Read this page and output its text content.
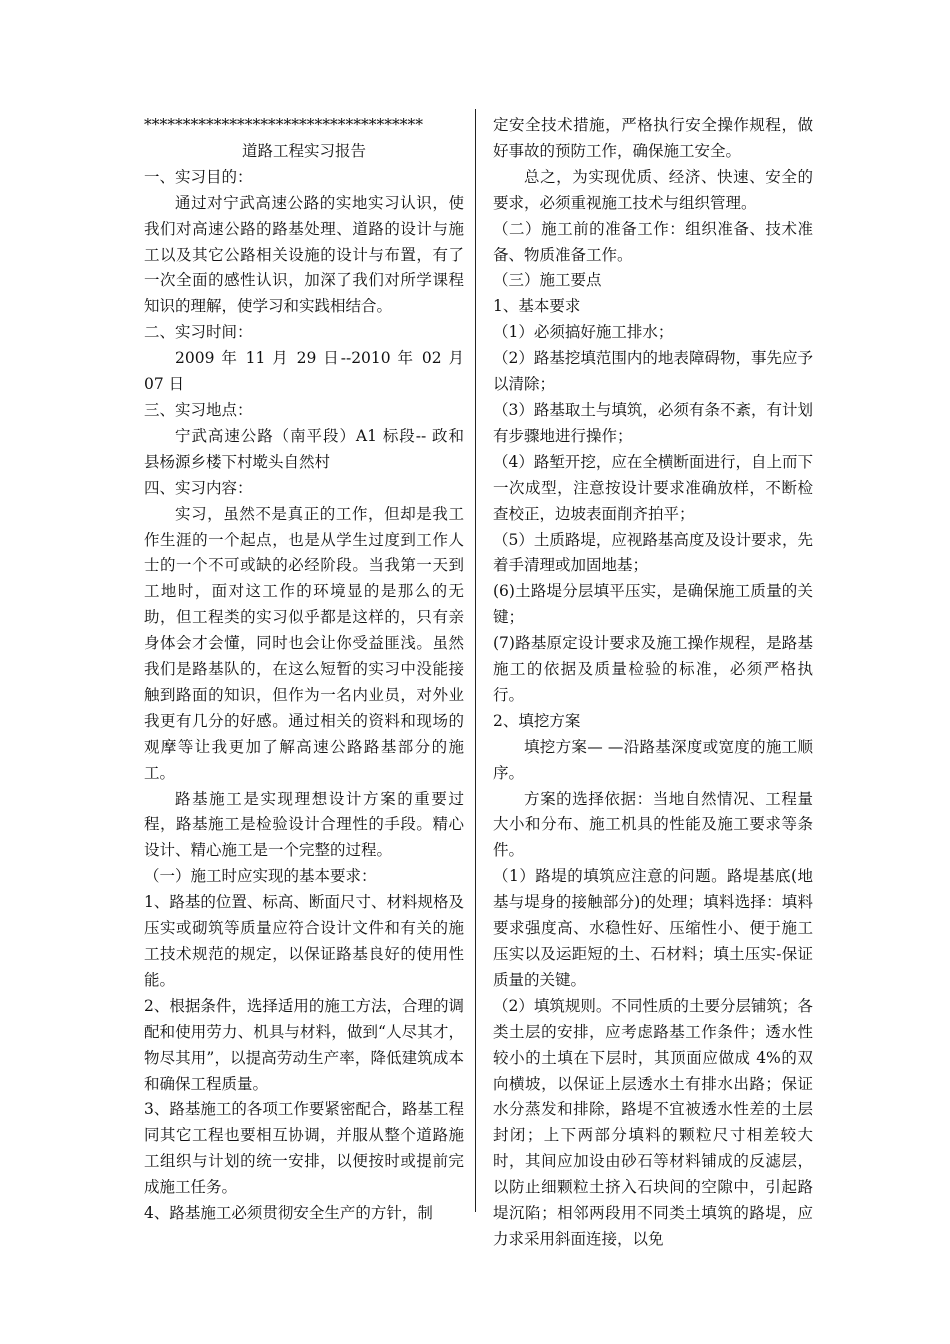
************************************

道路工程实习报告

一、实习目的：

通过对宁武高速公路的实地实习认识，使我们对高速公路的路基处理、道路的设计与施工以及其它公路相关设施的设计与布置，有了一次全面的感性认识，加深了我们对所学课程知识的理解，使学习和实践相结合。

二、实习时间：

2009 年 11 月 29 日--2010 年 02 月 07 日

三、实习地点：

宁武高速公路（南平段）A1 标段-- 政和县杨源乡楼下村墘头自然村

四、实习内容：

实习，虽然不是真正的工作，但却是我工作生涯的一个起点，也是从学生过度到工作人士的一个不可或缺的必经阶段。当我第一天到工地时，面对这工作的环境显的是那么的无助，但工程类的实习似乎都是这样的，只有亲身体会才会懂，同时也会让你受益匪浅。虽然我们是路基队的，在这么短暂的实习中没能接触到路面的知识，但作为一名内业员，对外业我更有几分的好感。通过相关的资料和现场的观摩等让我更加了解高速公路路基部分的施工。

路基施工是实现理想设计方案的重要过程，路基施工是检验设计合理性的手段。精心设计、精心施工是一个完整的过程。

（一）施工时应实现的基本要求：

1、路基的位置、标高、断面尺寸、材料规格及压实或砌筑等质量应符合设计文件和有关的施工技术规范的规定，以保证路基良好的使用性能。

2、根据条件，选择适用的施工方法，合理的调配和使用劳力、机具与材料，做到“人尽其才，物尽其用”，以提高劳动生产率，降低建筑成本和确保工程质量。

3、路基施工的各项工作要紧密配合，路基工程同其它工程也要相互协调，并服从整个道路施工组织与计划的统一安排，以便按时或提前完成施工任务。

4、路基施工必须贯彻安全生产的方针，制

定安全技术措施，严格执行安全操作规程，做好事故的预防工作，确保施工安全。

总之，为实现优质、经济、快速、安全的要求，必须重视施工技术与组织管理。

（二）施工前的准备工作：组织准备、技术准备、物质准备工作。

（三）施工要点

1、基本要求

（1）必须搞好施工排水；

（2）路基挖填范围内的地表障碍物，事先应予以清除；

（3）路基取土与填筑，必须有条不紊，有计划有步骤地进行操作；

（4）路堑开挖，应在全横断面进行，自上而下一次成型，注意按设计要求准确放样，不断检查校正，边坡表面削齐拍平；

（5）土质路堤，应视路基高度及设计要求，先着手清理或加固地基；

(6)土路堤分层填平压实，是确保施工质量的关键；

(7)路基原定设计要求及施工操作规程，是路基施工的依据及质量检验的标准，必须严格执行。

2、填挖方案

填挖方案— —沿路基深度或宽度的施工顺序。

方案的选择依据：当地自然情况、工程量大小和分布、施工机具的性能及施工要求等条件。

（1）路堤的填筑应注意的问题。路堤基底(地基与堤身的接触部分)的处理；填料选择：填料要求强度高、水稳性好、压缩性小、便于施工压实以及运距短的土、石材料；填土压实-保证质量的关键。

（2）填筑规则。不同性质的土要分层铺筑；各类土层的安排，应考虑路基工作条件；透水性较小的土填在下层时，其顶面应做成 4%的双向横坡，以保证上层透水土有排水出路；保证水分蒸发和排除，路堤不宜被透水性差的土层封闭；上下两部分填料的颗粒尺寸相差较大时，其间应加设由砂石等材料铺成的反滤层，以防止细颗粒土挤入石块间的空隙中，引起路堤沉陷；相邻两段用不同类土填筑的路堤，应力求采用斜面连接，以免
